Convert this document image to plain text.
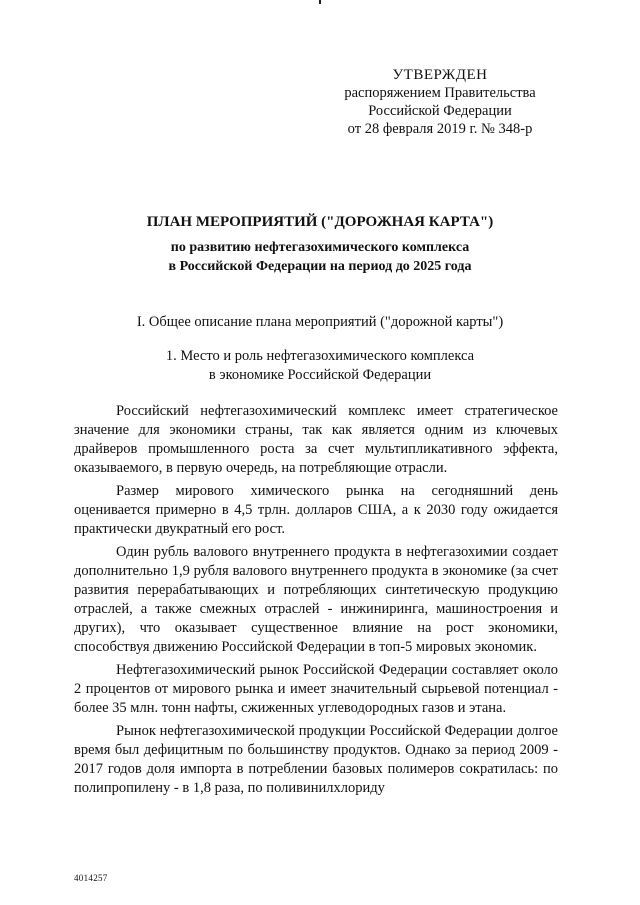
УТВЕРЖДЕН
распоряжением Правительства
Российской Федерации
от 28 февраля 2019 г. № 348-р
ПЛАН МЕРОПРИЯТИЙ ("ДОРОЖНАЯ КАРТА")
по развитию нефтегазохимического комплекса
в Российской Федерации на период до 2025 года
I. Общее описание плана мероприятий ("дорожной карты")
1. Место и роль нефтегазохимического комплекса
в экономике Российской Федерации

Российский нефтегазохимический комплекс имеет стратегическое значение для экономики страны, так как является одним из ключевых драйверов промышленного роста за счет мультипликативного эффекта, оказываемого, в первую очередь, на потребляющие отрасли.

Размер мирового химического рынка на сегодняшний день оценивается примерно в 4,5 трлн. долларов США, а к 2030 году ожидается практически двукратный его рост.

Один рубль валового внутреннего продукта в нефтегазохимии создает дополнительно 1,9 рубля валового внутреннего продукта в экономике (за счет развития перерабатывающих и потребляющих синтетическую продукцию отраслей, а также смежных отраслей - инжиниринга, машиностроения и других), что оказывает существенное влияние на рост экономики, способствуя движению Российской Федерации в топ-5 мировых экономик.

Нефтегазохимический рынок Российской Федерации составляет около 2 процентов от мирового рынка и имеет значительный сырьевой потенциал - более 35 млн. тонн нафты, сжиженных углеводородных газов и этана.

Рынок нефтегазохимической продукции Российской Федерации долгое время был дефицитным по большинству продуктов. Однако за период 2009 - 2017 годов доля импорта в потреблении базовых полимеров сократилась: по полипропилену - в 1,8 раза, по поливинилхлориду

4014257
